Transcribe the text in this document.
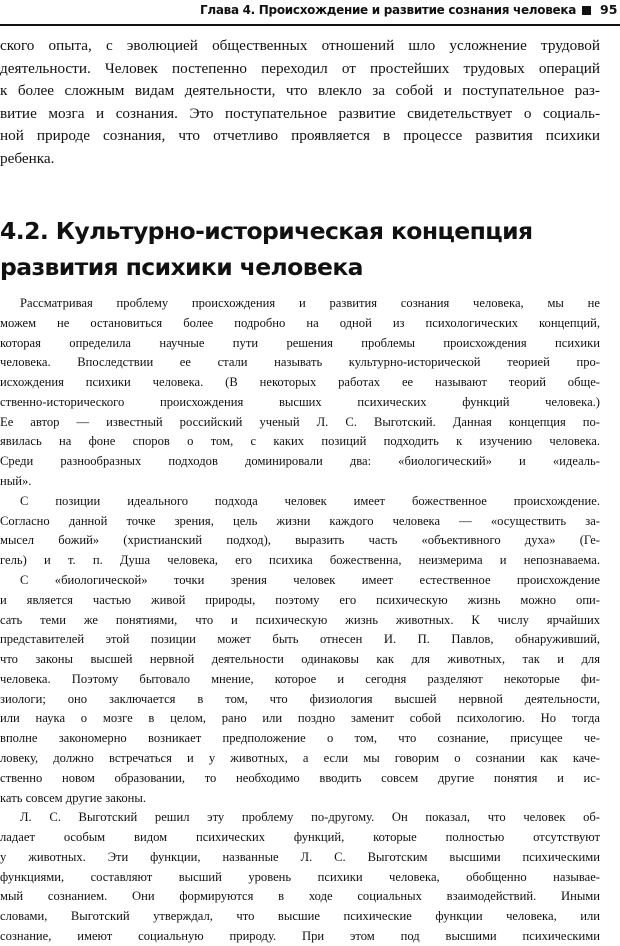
Глава 4. Происхождение и развитие сознания человека 95
ского опыта, с эволюцией общественных отношений шло усложнение трудовой
деятельности. Человек постепенно переходил от простейших трудовых операций
к более сложным видам деятельности, что влекло за собой и поступательное раз-
витие мозга и сознания. Это поступательное развитие свидетельствует о социаль-
ной природе сознания, что отчетливо проявляется в процессе развития психики
ребенка.
4.2. Культурно-историческая концепция
развития психики человека
Рассматривая проблему происхождения и развития сознания человека, мы не
можем не остановиться более подробно на одной из психологических концепций,
которая определила научные пути решения проблемы происхождения психики
человека. Впоследствии ее стали называть культурно-исторической теорией про-
исхождения психики человека. (В некоторых работах ее называют теорий обще-
ственно-исторического происхождения высших психических функций человека.)
Ее автор — известный российский ученый Л. С. Выготский. Данная концепция по-
явилась на фоне споров о том, с каких позиций подходить к изучению человека.
Среди разнообразных подходов доминировали два: «биологический» и «идеаль-
ный».
С позиции идеального подхода человек имеет божественное происхождение.
Согласно данной точке зрения, цель жизни каждого человека — «осуществить за-
мысел божий» (христианский подход), выразить часть «объективного духа» (Ге-
гель) и т. п. Душа человека, его психика божественна, неизмерима и непознаваема.
С «биологической» точки зрения человек имеет естественное происхождение
и является частью живой природы, поэтому его психическую жизнь можно опи-
сать теми же понятиями, что и психическую жизнь животных. К числу ярчайших
представителей этой позиции может быть отнесен И. П. Павлов, обнаруживший,
что законы высшей нервной деятельности одинаковы как для животных, так и для
человека. Поэтому бытовало мнение, которое и сегодня разделяют некоторые фи-
зиологи; оно заключается в том, что физиология высшей нервной деятельности,
или наука о мозге в целом, рано или поздно заменит собой психологию. Но тогда
вполне закономерно возникает предположение о том, что сознание, присущее че-
ловеку, должно встречаться и у животных, а если мы говорим о сознании как каче-
ственно новом образовании, то необходимо вводить совсем другие понятия и ис-
кать совсем другие законы.
Л. С. Выготский решил эту проблему по-другому. Он показал, что человек об-
ладает особым видом психических функций, которые полностью отсутствуют
у животных. Эти функции, названные Л. С. Выготским высшими психическими
функциями, составляют высший уровень психики человека, обобщенно называе-
мый сознанием. Они формируются в ходе социальных взаимодействий. Иными
словами, Выготский утверждал, что высшие психические функции человека, или
сознание, имеют социальную природу. При этом под высшими психическими
